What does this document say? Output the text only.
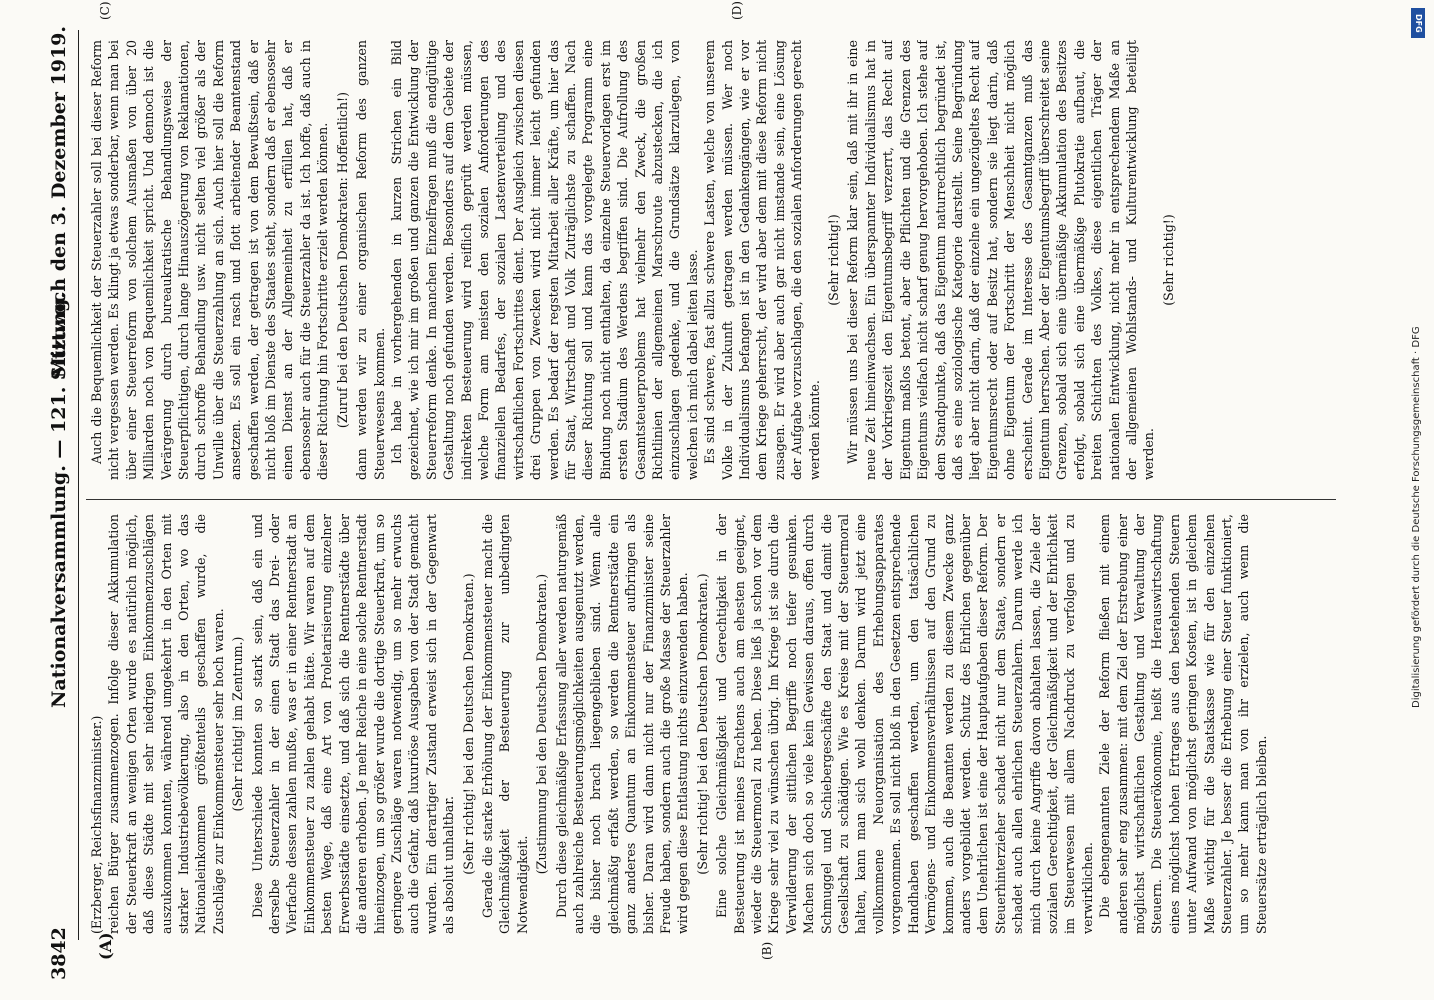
3842
Nationalversammlung. — 121. Sitzung.
Mittwoch den 3. Dezember 1919.
(A)	(B)
(C)	(D)

(Erzberger, Reichsfinanzminister.) reichen Bürger zusammenzogen. Infolge dieser Akkumulation der Steuerkraft an wenigen Orten wurde es natürlich möglich, daß diese Städte mit sehr niedrigen Einkommenzuschlägen auszukommen konnten, während umgekehrt in den Orten mit starker Industriebevölkerung, also in den Orten, wo das Nationaleinkommen größtenteils geschaffen wurde, die Zuschläge zur Einkommensteuer sehr hoch waren. (Sehr richtig! im Zentrum.) Diese Unterschiede konnten so stark sein, daß ein und derselbe Steuerzahler in der einen Stadt das Drei- oder Vierfache dessen zahlen mußte, was er in einer Rentnerstadt an Einkommensteuer zu zahlen gehabt hätte. Wir waren auf dem besten Wege, daß eine Art von Proletarisierung einzelner Erwerbsstädte einsetzte, und daß sich die Rentnerstädte über die anderen erhoben. Je mehr Reiche in eine solche Rentnerstadt hineinzogen, um so größer wurde die dortige Steuerkraft, um so geringere Zuschläge waren notwendig, um so mehr erwuchs auch die Gefahr, daß luxuriöse Ausgaben von der Stadt gemacht wurden. Ein derartiger Zustand erweist sich in der Gegenwart als absolut unhaltbar. (Sehr richtig! bei den Deutschen Demokraten.) Gerade die starke Erhöhung der Einkommensteuer macht die Gleichmäßigkeit der Besteuerung zur unbedingten Notwendigkeit.

(Zustimmung bei den Deutschen Demokraten.) Durch diese gleichmäßige Erfassung aller werden naturgemäß auch zahlreiche Besteuerungsmöglichkeiten ausgenutzt werden, die bisher noch brach liegengeblieben sind. Wenn alle gleichmäßig erfaßt werden, so werden die Rentnerstädte ein ganz anderes Quantum an Einkommensteuer aufbringen als bisher. Daran wird dann nicht nur der Finanzminister seine Freude haben, sondern auch die große Masse der Steuerzahler wird gegen diese Entlastung nichts einzuwenden haben. (Sehr richtig! bei den Deutschen Demokraten.) Eine solche Gleichmäßigkeit und Gerechtigkeit in der Besteuerung ist meines Erachtens auch am ehesten geeignet, wieder die Steuermoral zu heben. Diese ließ ja schon vor dem Kriege sehr viel zu wünschen übrig. Im Kriege ist sie durch die Verwilderung der sittlichen Begriffe noch tiefer gesunken. Machen sich doch so viele kein Gewissen daraus, offen durch Schmuggel und Schiebergeschäfte den Staat und damit die Gesellschaft zu schädigen. Wie es Kreise mit der Steuermoral halten, kann man sich wohl denken. Darum wird jetzt eine vollkommene Neuorganisation des Erhebungsapparates vorgenommen. Es soll nicht bloß in den Gesetzen entsprechende Handhaben geschaffen werden, um den tatsächlichen Vermögens- und Einkommensverhältnissen auf den Grund zu kommen, auch die Beamten werden zu diesem Zwecke ganz anders vorgebildet werden. Schutz des Ehrlichen gegenüber dem Unehrlichen ist eine der Hauptaufgaben dieser Reform. Der Steuerhinterzieher schadet nicht nur dem Staate, sondern er schadet auch allen ehrlichen Steuerzahlern. Darum werde ich mich durch keine Angriffe davon abhalten lassen, die Ziele der sozialen Gerechtigkeit, der Gleichmäßigkeit und der Ehrlichkeit im Steuerwesen mit allem Nachdruck zu verfolgen und zu verwirklichen. Die ebengenannten Ziele der Reform fließen mit einem anderen sehr eng zusammen: mit dem Ziel der Erstrebung einer möglichst wirtschaftlichen Gestaltung und Verwaltung der Steuern. Die Steuerökonomie, heißt die Herauswirtschaftung eines möglichst hohen Ertrages aus den bestehenden Steuern unter Aufwand von möglichst geringen Kosten, ist in gleichem Maße wichtig für die Staatskasse wie für den einzelnen Steuerzahler. Je besser die Erhebung einer Steuer funktioniert, um so mehr kann man von ihr erzielen, auch wenn die Steuersätze erträglich bleiben.

Auch die Bequemlichkeit der Steuerzahler soll bei dieser Reform nicht vergessen werden. Es klingt ja etwas sonderbar, wenn man bei über einer Steuerreform von solchem Ausmaßen von über 20 Milliarden noch von Bequemlichkeit spricht. Und dennoch ist die Verärgerung durch bureaukratische Behandlungsweise der Steuerpflichtigen, durch lange Hinauszögerung von Reklamationen, durch schroffe Behandlung usw. nicht selten viel größer als der Unwille über die Steuerzahlung an sich. Auch hier soll die Reform ansetzen. Es soll ein rasch und flott arbeitender Beamtenstand geschaffen werden, der getragen ist von dem Bewußtsein, daß er nicht bloß im Dienste des Staates steht, sondern daß er ebensosehr einen Dienst an der Allgemeinheit zu erfüllen hat, daß er ebensosehr auch für die Steuerzahler da ist. Ich hoffe, daß auch in dieser Richtung hin Fortschritte erzielt werden können. (Zuruf bei den Deutschen Demokraten: Hoffentlich!) dann werden wir zu einer organischen Reform des ganzen Steuerwesens kommen. Ich habe in vorhergehenden in kurzen Strichen ein Bild gezeichnet, wie ich mir im großen und ganzen die Entwicklung der Steuerreform denke. In manchen Einzelfragen muß die endgültige Gestaltung noch gefunden werden. Besonders auf dem Gebiete der indirekten Besteuerung wird reiflich geprüft werden müssen, welche Form am meisten den sozialen Anforderungen des finanziellen Bedarfes, der sozialen Lastenverteilung und des wirtschaftlichen Fortschrittes dient. Der Ausgleich zwischen diesen drei Gruppen von Zwecken wird nicht immer leicht gefunden werden. Es bedarf der regsten Mitarbeit aller Kräfte, um hier das für Staat, Wirtschaft und Volk Zuträglichste zu schaffen. Nach dieser Richtung soll und kann das vorgelegte Programm eine Bindung noch nicht enthalten, da einzelne Steuervorlagen erst im ersten Stadium des Werdens begriffen sind. Die Aufrollung des Gesamtsteuerproblems hat vielmehr den Zweck, die großen Richtlinien der allgemeinen Marschroute abzustecken, die ich einzuschlagen gedenke, und die Grundsätze klarzulegen, von welchen ich mich dabei leiten lasse. Es sind schwere, fast allzu schwere Lasten, welche von unserem Volke in der Zukunft getragen werden müssen. Wer noch Individualismus befangen ist in den Gedankengängen, wie er vor dem Kriege geherrscht, der wird aber dem mit diese Reform nicht zusagen. Er wird aber auch gar nicht imstande sein, eine Lösung der Aufgabe vorzuschlagen, die den sozialen Anforderungen gerecht werden könnte.

(Sehr richtig!) Wir müssen uns bei dieser Reform klar sein, daß mit ihr in eine neue Zeit hineinwachsen. Ein überspannter Individualismus hat in der Vorkriegszeit den Eigentumsbegriff verzerrt, das Recht auf Eigentum maßlos betont, aber die Pflichten und die Grenzen des Eigentums vielfach nicht scharf genug hervorgehoben. Ich stehe auf dem Standpunkte, daß das Eigentum naturrechtlich begründet ist, daß es eine soziologische Kategorie darstellt. Seine Begründung liegt aber nicht darin, daß der einzelne ein ungezügeltes Recht auf Eigentumsrecht oder auf Besitz hat, sondern sie liegt darin, daß ohne Eigentum der Fortschritt der Menschheit nicht möglich erscheint. Gerade im Interesse des Gesamtganzen muß das Eigentum herrschen. Aber der Eigentumsbegriff überschreitet seine Grenzen, sobald sich eine übermäßige Akkumulation des Besitzes erfolgt, sobald sich eine übermäßige Plutokratie aufbaut, die breiten Schichten des Volkes, diese eigentlichen Träger der nationalen Entwicklung, nicht mehr in entsprechendem Maße an der allgemeinen Wohlstands- und Kulturentwicklung beteiligt werden.

(Sehr richtig!)

DFG
Digitalisierung gefördert durch die Deutsche Forschungsgemeinschaft · DFG
